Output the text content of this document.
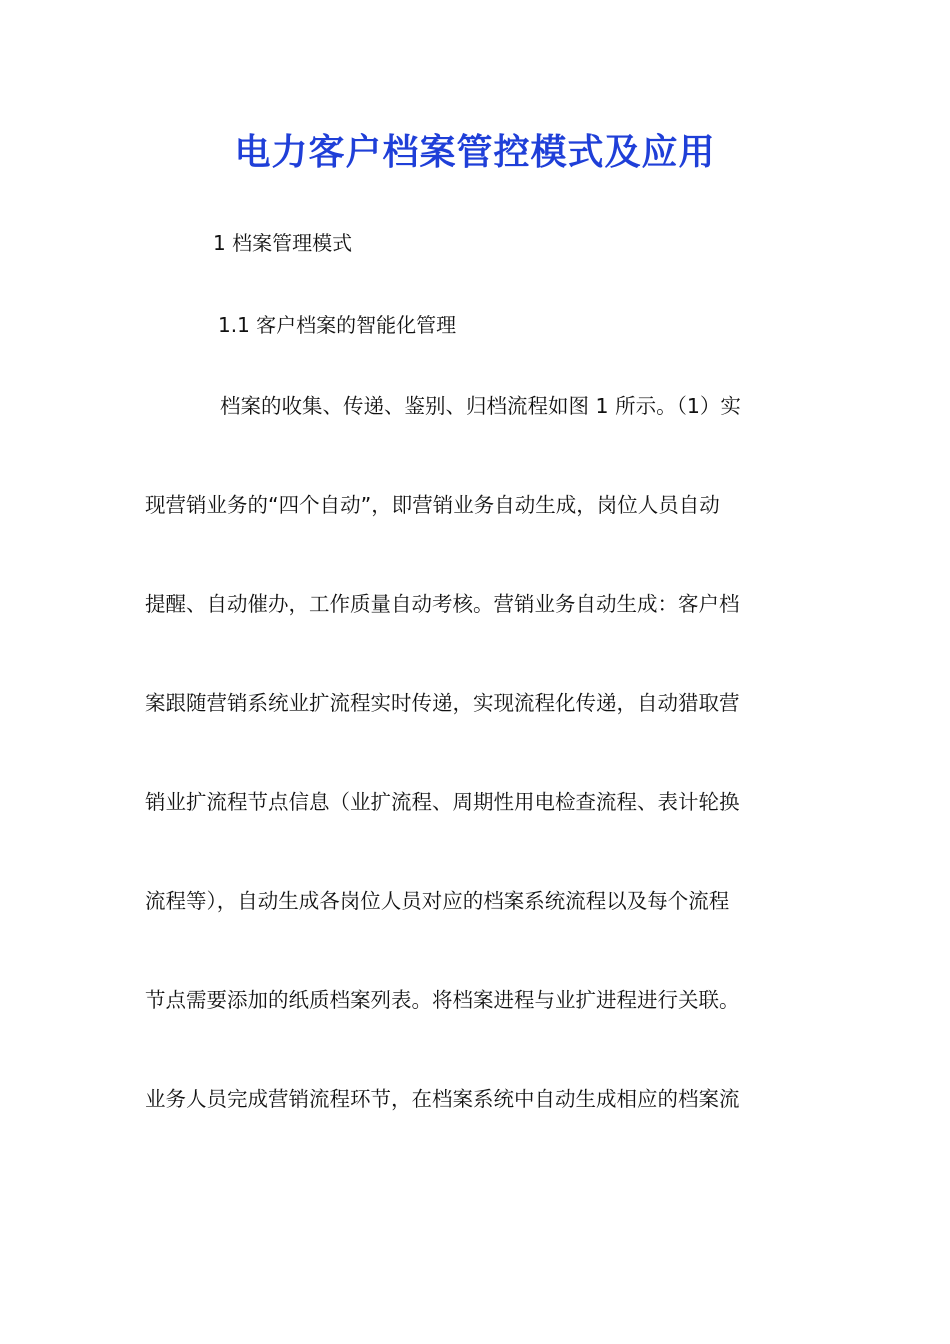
电力客户档案管控模式及应用
1 档案管理模式
1.1 客户档案的智能化管理
档案的收集、传递、鉴别、归档流程如图 1 所示。（1）实
现营销业务的“四个自动”，即营销业务自动生成，岗位人员自动
提醒、自动催办，工作质量自动考核。营销业务自动生成：客户档
案跟随营销系统业扩流程实时传递，实现流程化传递，自动猎取营
销业扩流程节点信息（业扩流程、周期性用电检查流程、表计轮换
流程等），自动生成各岗位人员对应的档案系统流程以及每个流程
节点需要添加的纸质档案列表。将档案进程与业扩进程进行关联。
业务人员完成营销流程环节，在档案系统中自动生成相应的档案流
